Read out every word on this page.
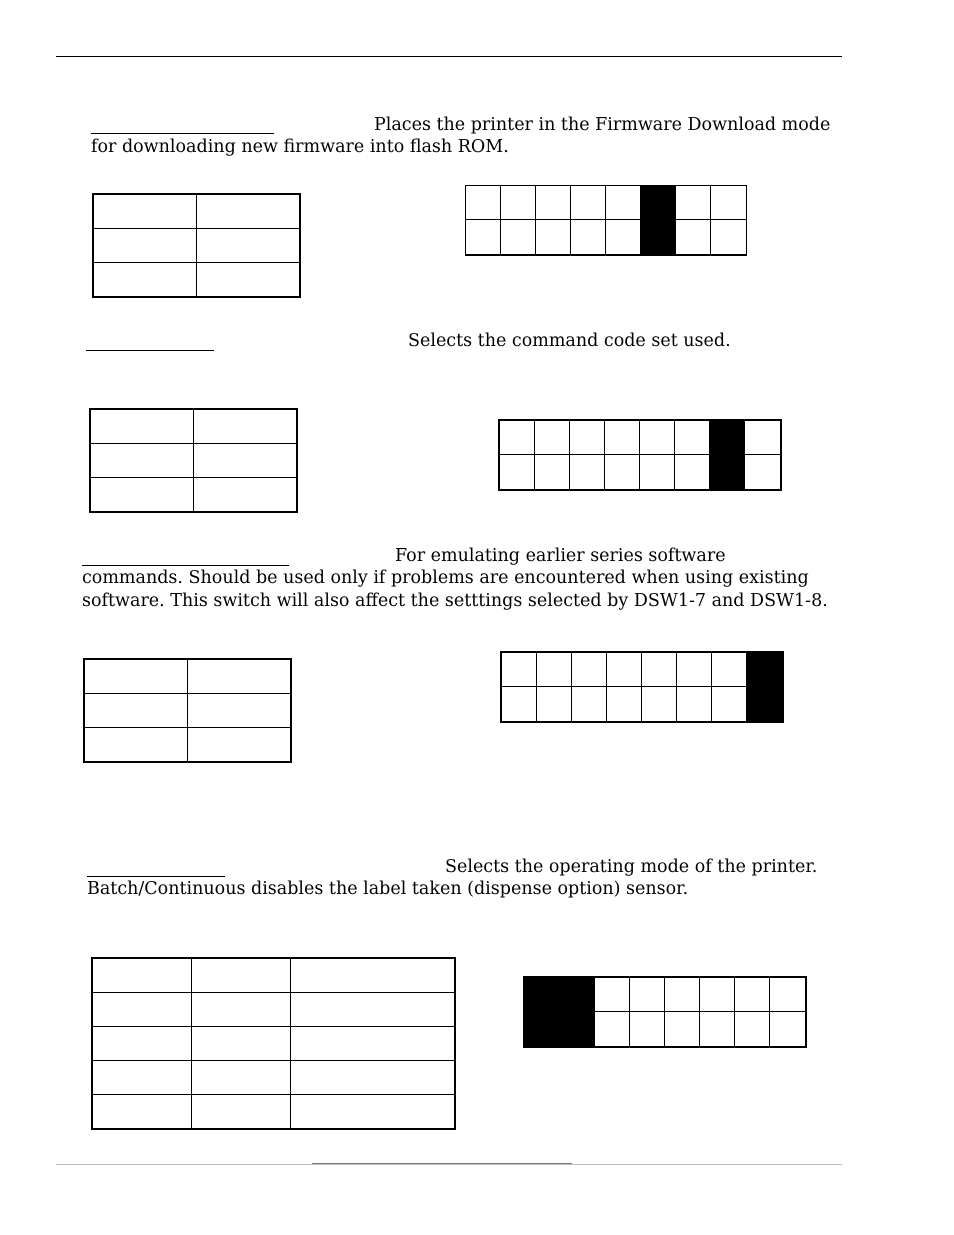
Places the printer in the Firmware Download mode
for downloading new firmware into flash ROM.

Selects the command code set used.

For emulating earlier series software
commands. Should be used only if problems are encountered when using existing
software. This switch will also affect the setttings selected by DSW1-7 and DSW1-8.

Selects the operating mode of the printer.
Batch/Continuous disables the label taken (dispense option) sensor.
